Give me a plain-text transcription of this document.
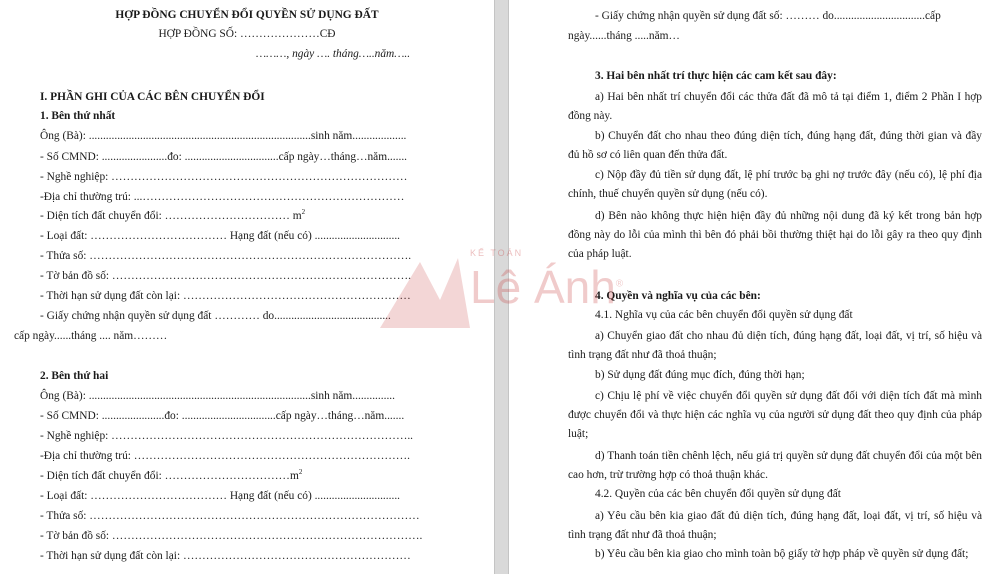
HỢP ĐỒNG CHUYỂN ĐỔI QUYỀN SỬ DỤNG ĐẤT
HỢP ĐỒNG SỐ: …………………CĐ
………, ngày …. tháng…..năm…..
I. PHẦN GHI CỦA CÁC BÊN CHUYỂN ĐỔI
1. Bên thứ nhất
Ông (Bà): ..............................................................................sinh năm...................
- Số CMND: .......................đo: .................................cấp ngày…tháng…năm.......
- Nghề nghiệp: ……………………………………………………………………
-Địa chỉ thường trú: ...……………………………………………………………
- Diện tích đất chuyển đổi: …………………………… $m^2$
- Loại đất: ……………………………… Hạng đất (nếu có) ..............................
- Thửa số: ………………………………………………………………………….
- Tờ bản đồ số: …………………………………………………………………….
- Thời hạn sử dụng đất còn lại: ……………………………………………………
- Giấy chứng nhận quyền sử dụng đất ………… do.........................................
cấp ngày......tháng .... năm………
2. Bên thứ hai
Ông (Bà): ..............................................................................sinh năm...............
- Số CMND: ......................đo: .................................cấp ngày…tháng…năm.......
- Nghề nghiệp: ……………………………………………………………………..
-Địa chỉ thường trú: ……………………………………………………………….
- Diện tích đất chuyển đổi: $\dots\dots\dots\dots\dots\dots\dots\dots\dots\dots\dots m^2$
- Loại đất: ……………………………… Hạng đất (nếu có) ..............................
- Thửa số: ……………………………………………………………………………
- Tờ bản đồ số: ……………………………………………………………………….
- Thời hạn sử dụng đất còn lại: ……………………………………………………
- Giấy chứng nhận quyền sử dụng đất số: ……… do................................cấp
ngày......tháng .....năm…
3. Hai bên nhất trí thực hiện các cam kết sau đây:
a) Hai bên nhất trí chuyển đổi các thửa đất đã mô tả tại điểm 1, điểm 2 Phần I hợp đồng này.
b) Chuyển đất cho nhau theo đúng diện tích, đúng hạng đất, đúng thời gian và đầy đủ hồ sơ có liên quan đến thửa đất.
c) Nộp đầy đủ tiền sử dụng đất, lệ phí trước bạ ghi nợ trước đây (nếu có), lệ phí địa chính, thuế chuyển quyền sử dụng (nếu có).
d) Bên nào không thực hiện hiện đầy đủ những nội dung đã ký kết trong bản hợp đồng này do lỗi của mình thì bên đó phải bồi thường thiệt hại do lỗi gây ra theo quy định của pháp luật.
4. Quyền và nghĩa vụ của các bên:
4.1. Nghĩa vụ của các bên chuyển đổi quyền sử dụng đất
a) Chuyển giao đất cho nhau đủ diện tích, đúng hạng đất, loại đất, vị trí, số hiệu và tình trạng đất như đã thoả thuận;
b) Sử dụng đất đúng mục đích, đúng thời hạn;
c) Chịu lệ phí về việc chuyển đổi quyền sử dụng đất đối với diện tích đất mà mình được chuyển đổi và thực hiện các nghĩa vụ của người sử dụng đất theo quy định của pháp luật;
d) Thanh toán tiền chênh lệch, nếu giá trị quyền sử dụng đất chuyển đổi của một bên cao hơn, trừ trường hợp có thoả thuận khác.
4.2. Quyền của các bên chuyển đổi quyền sử dụng đất
a) Yêu cầu bên kia giao đất đủ diện tích, đúng hạng đất, loại đất, vị trí, số hiệu và tình trạng đất như đã thoả thuận;
b) Yêu cầu bên kia giao cho mình toàn bộ giấy tờ hợp pháp về quyền sử dụng đất;
KẾ TOÁN
Lê Ánh®
